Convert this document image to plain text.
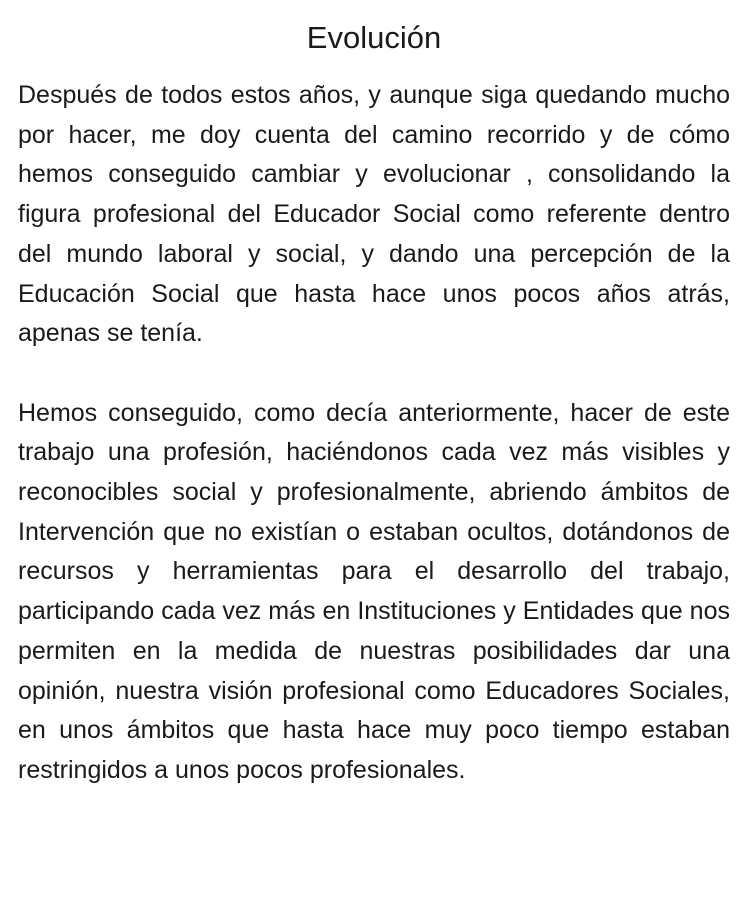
Evolución

Después de todos estos años, y aunque siga quedando mucho por hacer, me doy cuenta del camino recorrido y de cómo hemos conseguido cambiar y evolucionar , consolidando la figura profesional del Educador Social como referente dentro del mundo laboral y social, y dando una percepción de la Educación Social que hasta hace unos pocos años atrás, apenas se tenía.

Hemos conseguido, como decía anteriormente, hacer de este trabajo una profesión, haciéndonos cada vez más visibles y reconocibles social y profesionalmente, abriendo ámbitos de Intervención que no existían o estaban ocultos, dotándonos de recursos y herramientas para el desarrollo del trabajo, participando cada vez más en Instituciones y Entidades que nos permiten en la medida de nuestras posibilidades dar una opinión, nuestra visión profesional como Educadores Sociales, en unos ámbitos que hasta hace muy poco tiempo estaban restringidos a unos pocos profesionales.
